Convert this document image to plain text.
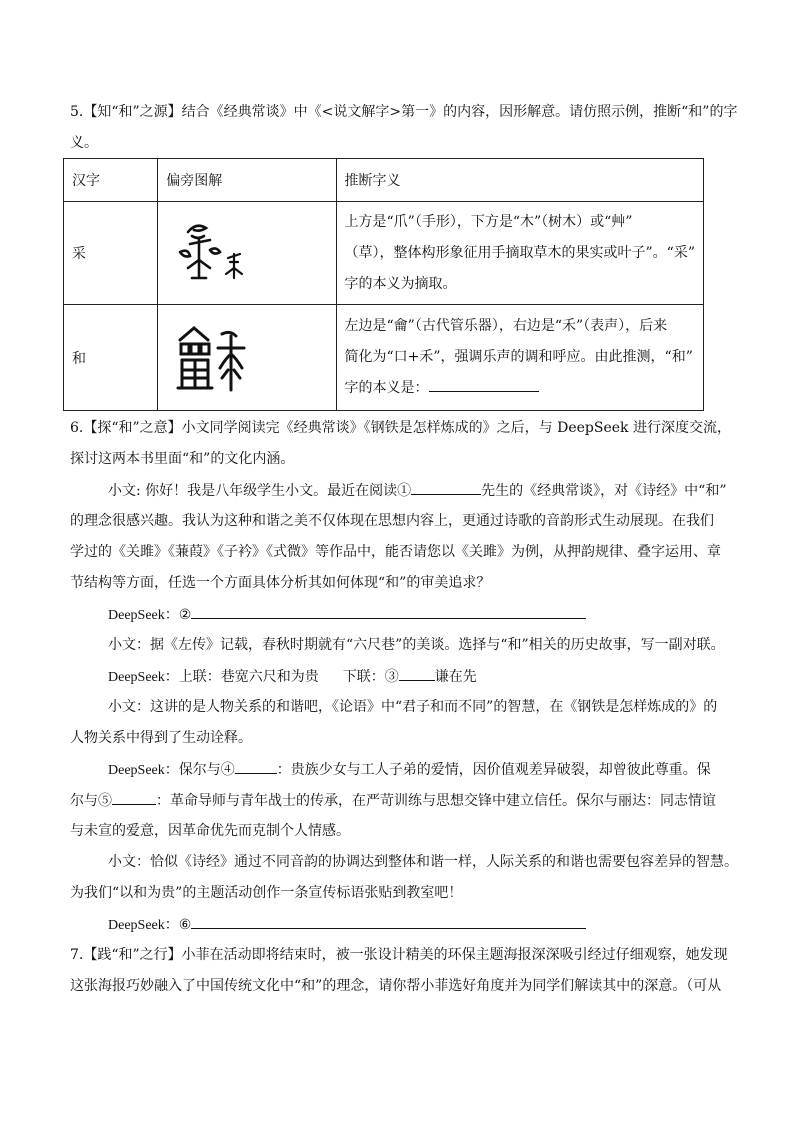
5.【知“和”之源】结合《经典常谈》中《<说文解字>第一》的内容，因形解意。请仿照示例，推断“和”的字
义。
汉字	偏旁图解	推断字义
采		上方是“爪”（手形），下方是“木”（树木）或“艸”
（草），整体构形象征用手摘取草木的果实或叶子”。“采”
字的本义为摘取。

和		左边是“龠”（古代管乐器），右边是“禾”（表声），后来
简化为“口+禾”，强调乐声的调和呼应。由此推测，“和”
字的本义是：
6.【探“和”之意】小文同学阅读完《经典常谈》《钢铁是怎样炼成的》之后，与 DeepSeek 进行深度交流，
探讨这两本书里面“和”的文化内涵。
小文: 你好！我是八年级学生小文。最近在阅读①	先生的《经典常谈》，对《诗经》中“和”
的理念很感兴趣。我认为这种和谐之美不仅体现在思想内容上，更通过诗歌的音韵形式生动展现。在我们
学过的《关雎》《蒹葭》《子衿》《式微》等作品中，能否请您以《关雎》为例，从押韵规律、叠字运用、章
节结构等方面，任选一个方面具体分析其如何体现“和”的审美追求？
DeepSeek：②
小文：据《左传》记载，春秋时期就有“六尺巷”的美谈。选择与“和”相关的历史故事，写一副对联。
DeepSeek：上联：巷宽六尺和为贵 下联：③	谦在先
小文：这讲的是人物关系的和谐吧，《论语》中“君子和而不同”的智慧，在《钢铁是怎样炼成的》的
人物关系中得到了生动诠释。
DeepSeek：保尔与④	：贵族少女与工人子弟的爱情，因价值观差异破裂，却曾彼此尊重。保
尔与⑤	：革命导师与青年战士的传承，在严苛训练与思想交锋中建立信任。保尔与丽达：同志情谊
与未宣的爱意，因革命优先而克制个人情感。
小文：恰似《诗经》通过不同音韵的协调达到整体和谐一样，人际关系的和谐也需要包容差异的智慧。
为我们“以和为贵”的主题活动创作一条宣传标语张贴到教室吧！
DeepSeek：⑥
7.【践“和”之行】小菲在活动即将结束时，被一张设计精美的环保主题海报深深吸引经过仔细观察，她发现
这张海报巧妙融入了中国传统文化中“和”的理念，请你帮小菲选好角度并为同学们解读其中的深意。（可从
